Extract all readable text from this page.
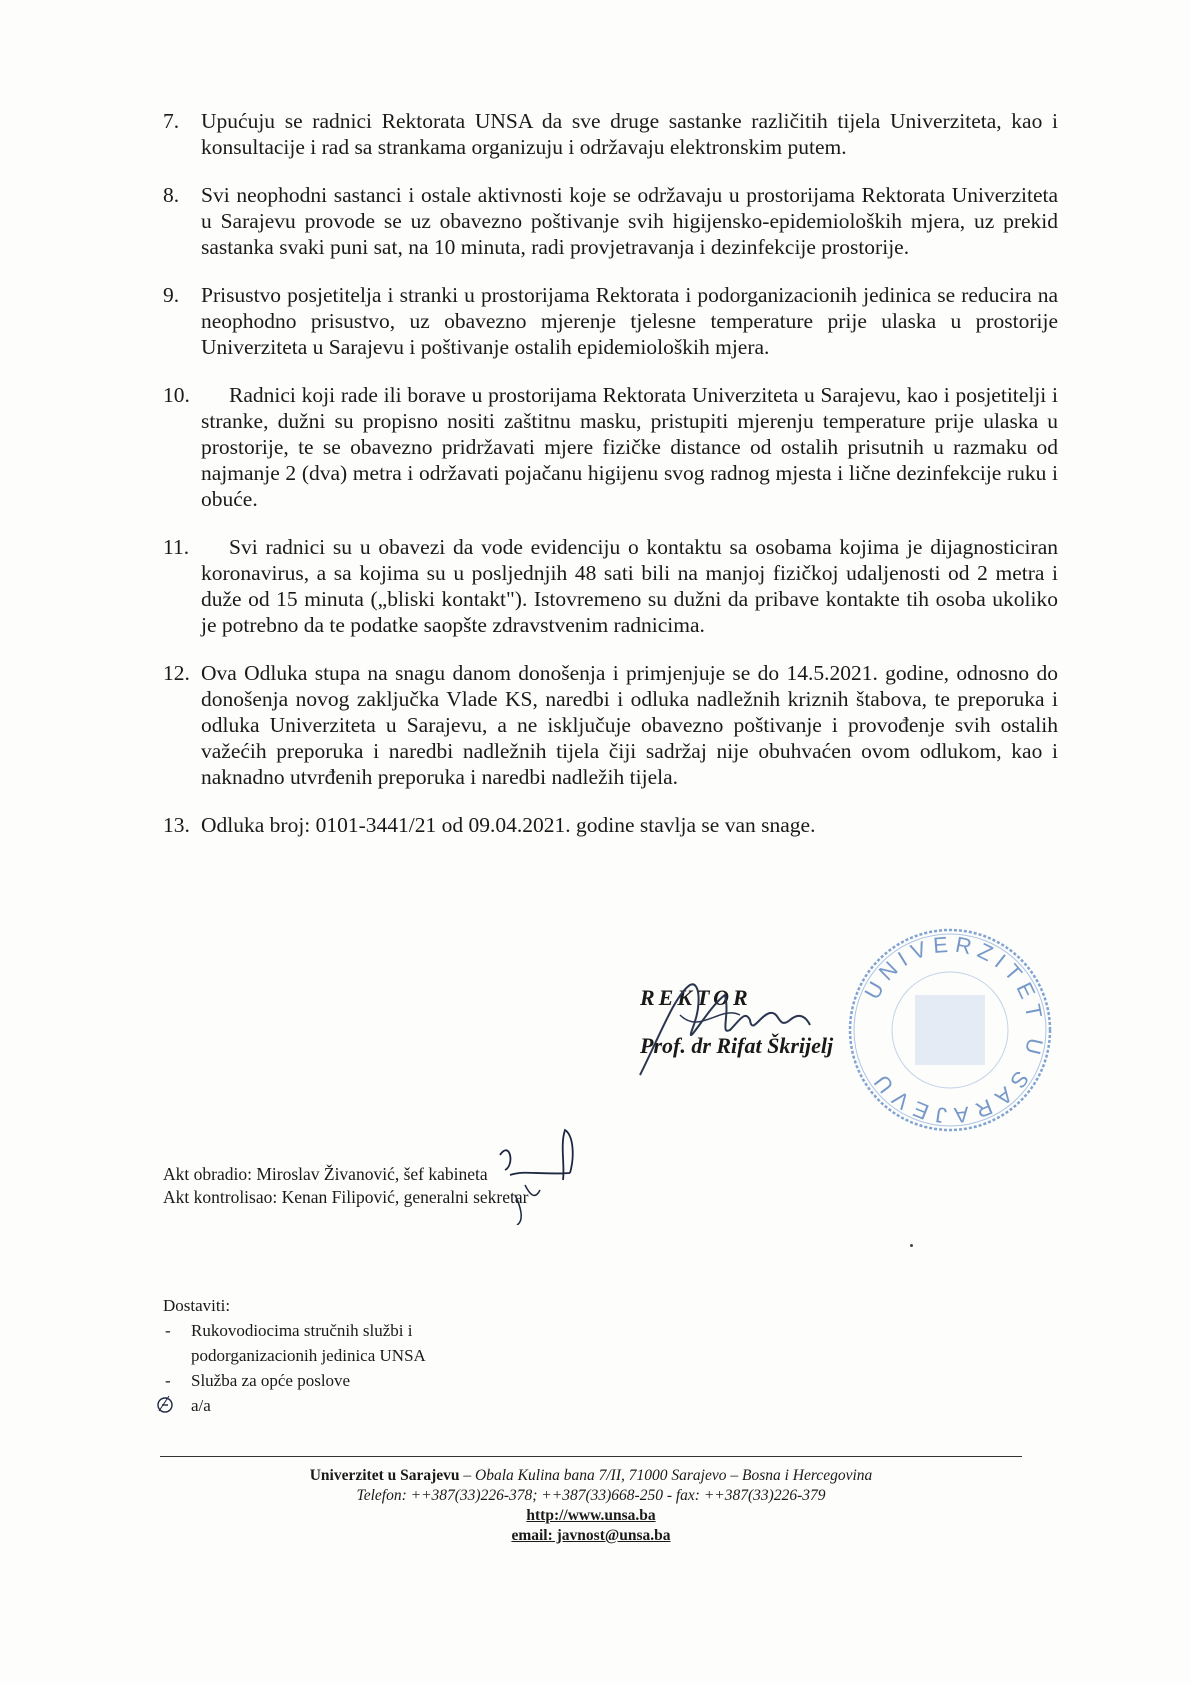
7. Upućuju se radnici Rektorata UNSA da sve druge sastanke različitih tijela Univerziteta, kao i konsultacije i rad sa strankama organizuju i održavaju elektronskim putem.
8. Svi neophodni sastanci i ostale aktivnosti koje se održavaju u prostorijama Rektorata Univerziteta u Sarajevu provode se uz obavezno poštivanje svih higijensko-epidemioloških mjera, uz prekid sastanka svaki puni sat, na 10 minuta, radi provjetravanja i dezinfekcije prostorije.
9. Prisustvo posjetitelja i stranki u prostorijama Rektorata i podorganizacionih jedinica se reducira na neophodno prisustvo, uz obavezno mjerenje tjelesne temperature prije ulaska u prostorije Univerziteta u Sarajevu i poštivanje ostalih epidemioloških mjera.
10.	Radnici koji rade ili borave u prostorijama Rektorata Univerziteta u Sarajevu, kao i posjetitelji i stranke, dužni su propisno nositi zaštitnu masku, pristupiti mjerenju temperature prije ulaska u prostorije, te se obavezno pridržavati mjere fizičke distance od ostalih prisutnih u razmaku od najmanje 2 (dva) metra i održavati pojačanu higijenu svog radnog mjesta i lične dezinfekcije ruku i obuće.
11.	Svi radnici su u obavezi da vode evidenciju o kontaktu sa osobama kojima je dijagnosticiran koronavirus, a sa kojima su u posljednjih 48 sati bili na manjoj fizičkoj udaljenosti od 2 metra i duže od 15 minuta („bliski kontakt"). Istovremeno su dužni da pribave kontakte tih osoba ukoliko je potrebno da te podatke saopšte zdravstvenim radnicima.
12. Ova Odluka stupa na snagu danom donošenja i primjenjuje se do 14.5.2021. godine, odnosno do donošenja novog zaključka Vlade KS, naredbi i odluka nadležnih kriznih štabova, te preporuka i odluka Univerziteta u Sarajevu, a ne isključuje obavezno poštivanje i provođenje svih ostalih važećih preporuka i naredbi nadležnih tijela čiji sadržaj nije obuhvaćen ovom odlukom, kao i naknadno utvrđenih preporuka i naredbi nadležih tijela.
13. Odluka broj: 0101-3441/21 od 09.04.2021. godine stavlja se van snage.
UNIVERZITET U SARAJEVU
REKTOR
Prof. dr Rifat Škrijelj
Akt obradio: Miroslav Živanović, šef kabineta
Akt kontrolisao: Kenan Filipović, generalni sekretar
Dostaviti:
- Rukovodiocima stručnih službi i
podorganizacionih jedinica UNSA
- Služba za opće poslove
a/a
Univerzitet u Sarajevu – Obala Kulina bana 7/II, 71000 Sarajevo – Bosna i Hercegovina
Telefon: ++387(33)226-378; ++387(33)668-250 - fax: ++387(33)226-379
http://www.unsa.ba
email: javnost@unsa.ba
